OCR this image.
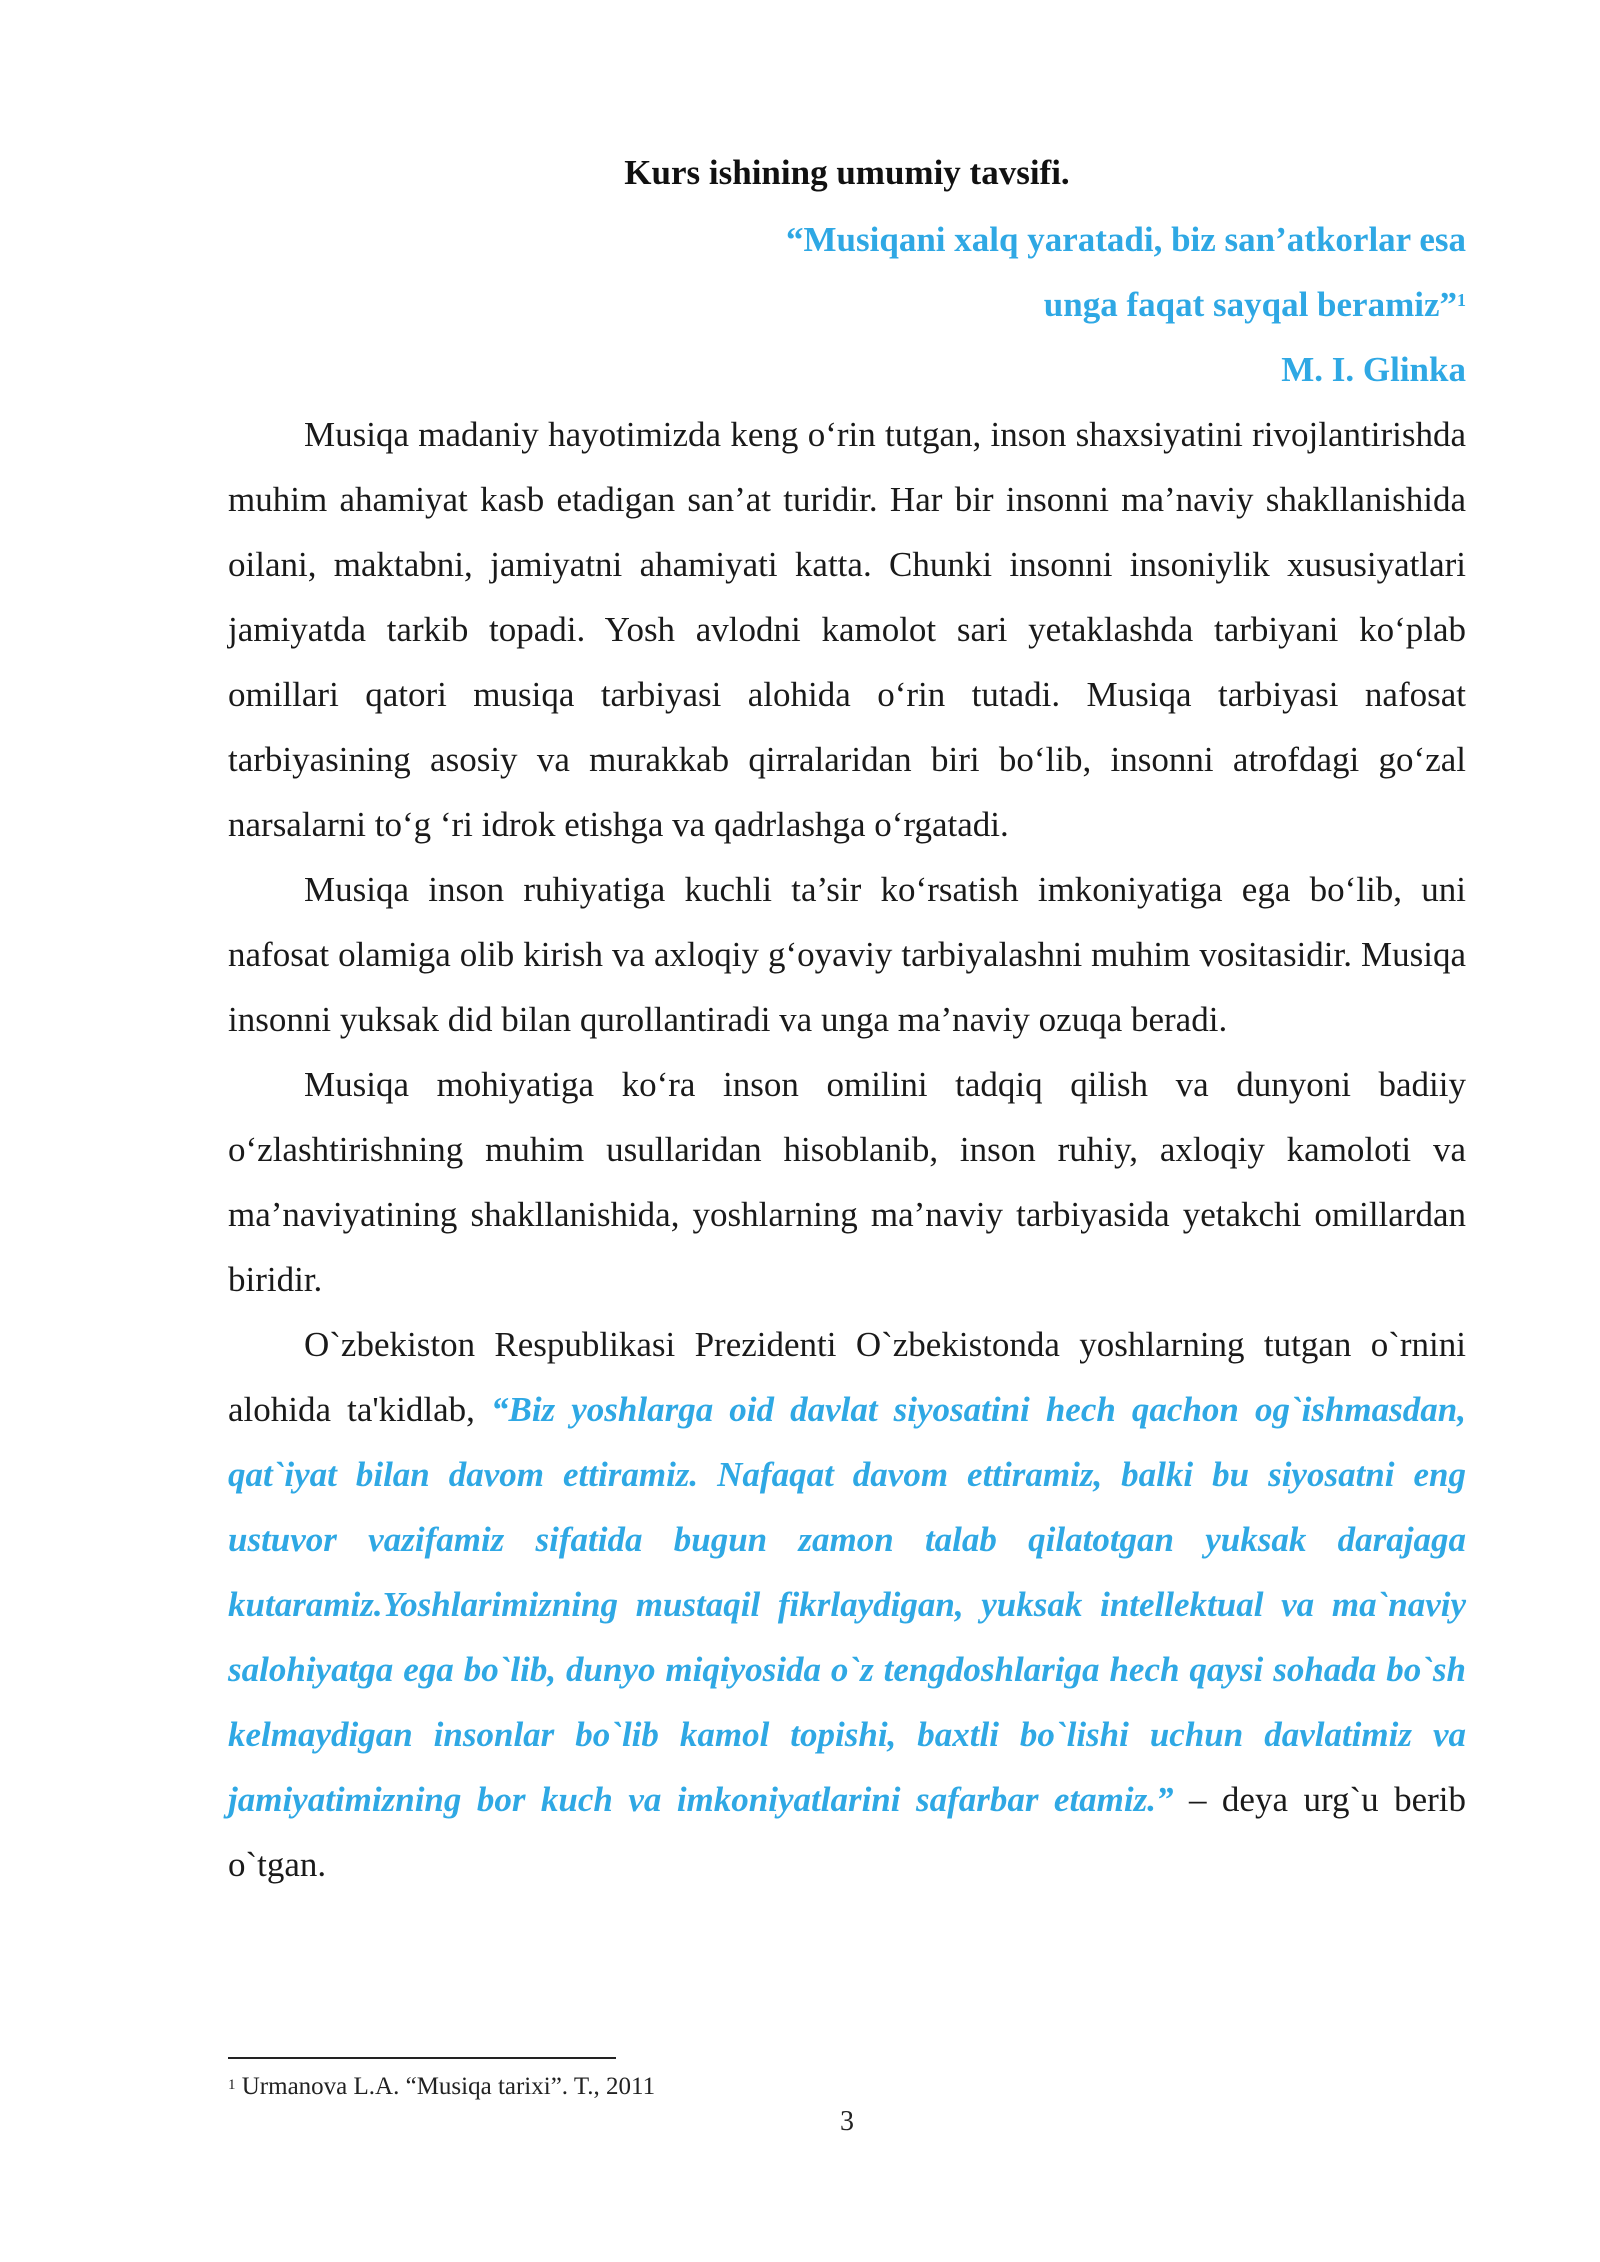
Kurs ishining umumiy tavsifi.

“Musiqani xalq yaratadi, biz san’atkorlar esa

unga faqat sayqal beramiz”$^1$

M. I. Glinka

Musiqa madaniy hayotimizda keng o‘rin tutgan, inson shaxsiyatini rivojlantirishda muhim ahamiyat kasb etadigan san’at turidir. Har bir insonni ma’naviy shakllanishida oilani, maktabni, jamiyatni ahamiyati katta. Chunki insonni insoniylik xususiyatlari jamiyatda tarkib topadi. Yosh avlodni kamolot sari yetaklashda tarbiyani ko‘plab omillari qatori musiqa tarbiyasi alohida o‘rin tutadi. Musiqa tarbiyasi nafosat tarbiyasining asosiy va murakkab qirralaridan biri bo‘lib, insonni atrofdagi go‘zal narsalarni to‘g ‘ri idrok etishga va qadrlashga o‘rgatadi.

Musiqa inson ruhiyatiga kuchli ta’sir ko‘rsatish imkoniyatiga ega bo‘lib, uni nafosat olamiga olib kirish va axloqiy g‘oyaviy tarbiyalashni muhim vositasidir. Musiqa insonni yuksak did bilan qurollantiradi va unga ma’naviy ozuqa beradi.

Musiqa mohiyatiga ko‘ra inson omilini tadqiq qilish va dunyoni badiiy o‘zlashtirishning muhim usullaridan hisoblanib, inson ruhiy, axloqiy kamoloti va ma’naviyatining shakllanishida, yoshlarning ma’naviy tarbiyasida yetakchi omillardan biridir.

O`zbekiston Respublikasi Prezidenti O`zbekistonda yoshlarning tutgan o`rnini alohida ta'kidlab, “Biz yoshlarga oid davlat siyosatini hech qachon og`ishmasdan, qat`iyat bilan davom ettiramiz. Nafaqat davom ettiramiz, balki bu siyosatni eng ustuvor vazifamiz sifatida bugun zamon talab qilatotgan yuksak darajaga kutaramiz.Yoshlarimizning mustaqil fikrlaydigan, yuksak intellektual va ma`naviy salohiyatga ega bo`lib, dunyo miqiyosida o`z tengdoshlariga hech qaysi sohada bo`sh kelmaydigan insonlar bo`lib kamol topishi, baxtli bo`lishi uchun davlatimiz va jamiyatimizning bor kuch va imkoniyatlarini safarbar etamiz.” – deya urg`u berib o`tgan.

$^1$ Urmanova L.A. “Musiqa tarixi”. T., 2011
3
